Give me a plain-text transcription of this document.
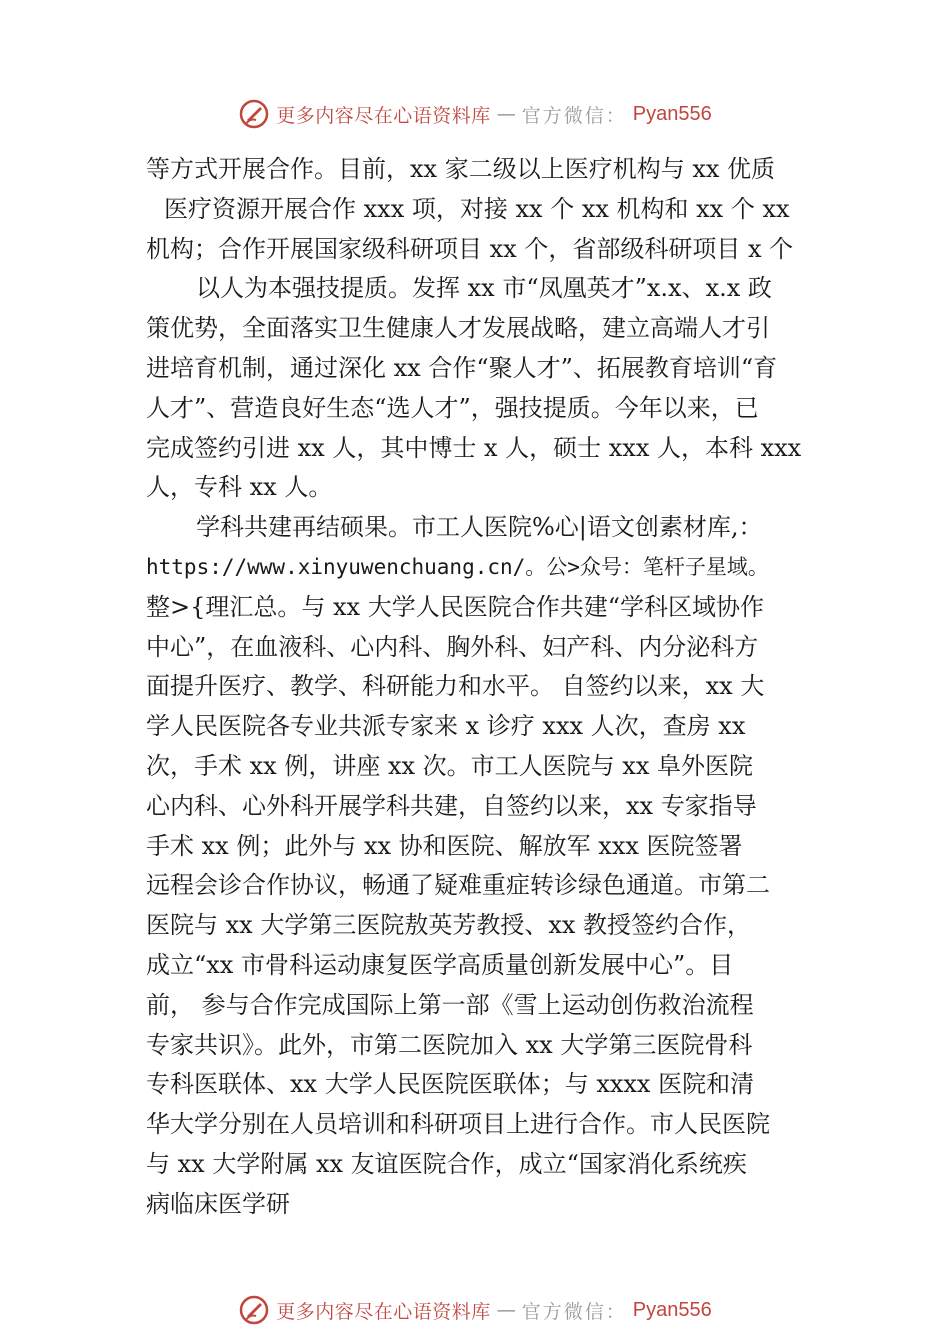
更多内容尽在心语资料库 — 官方微信： Pyan556
等方式开展合作。目前，xx 家二级以上医疗机构与 xx 优质
医疗资源开展合作 xxx 项，对接 xx 个 xx 机构和 xx 个 xx
机构；合作开展国家级科研项目 xx 个，省部级科研项目 x 个
以人为本强技提质。发挥 xx 市“凤凰英才”x.x、x.x 政
策优势，全面落实卫生健康人才发展战略，建立高端人才引
进培育机制，通过深化 xx 合作“聚人才”、拓展教育培训“育
人才”、营造良好生态“选人才”，强技提质。今年以来，已
完成签约引进 xx 人，其中博士 x 人，硕士 xxx 人，本科 xxx
人，专科 xx 人。
学科共建再结硕果。市工人医院%心|语文创素材库,：
https://www.xinyuwenchuang.cn/。公>众号：笔杆子星域。
整>{理汇总。与 xx 大学人民医院合作共建“学科区域协作
中心”，在血液科、心内科、胸外科、妇产科、内分泌科方
面提升医疗、教学、科研能力和水平。 自签约以来，xx 大
学人民医院各专业共派专家来 x 诊疗 xxx 人次，查房 xx
次，手术 xx 例，讲座 xx 次。市工人医院与 xx 阜外医院
心内科、心外科开展学科共建，自签约以来，xx 专家指导
手术 xx 例；此外与 xx 协和医院、解放军 xxx 医院签署
远程会诊合作协议，畅通了疑难重症转诊绿色通道。市第二
医院与 xx 大学第三医院敖英芳教授、xx 教授签约合作，
成立“xx 市骨科运动康复医学高质量创新发展中心”。目
前， 参与合作完成国际上第一部《雪上运动创伤救治流程
专家共识》。此外，市第二医院加入 xx 大学第三医院骨科
专科医联体、xx 大学人民医院医联体；与 xxxx 医院和清
华大学分别在人员培训和科研项目上进行合作。市人民医院
与 xx 大学附属 xx 友谊医院合作，成立“国家消化系统疾
病临床医学研
更多内容尽在心语资料库 — 官方微信： Pyan556
